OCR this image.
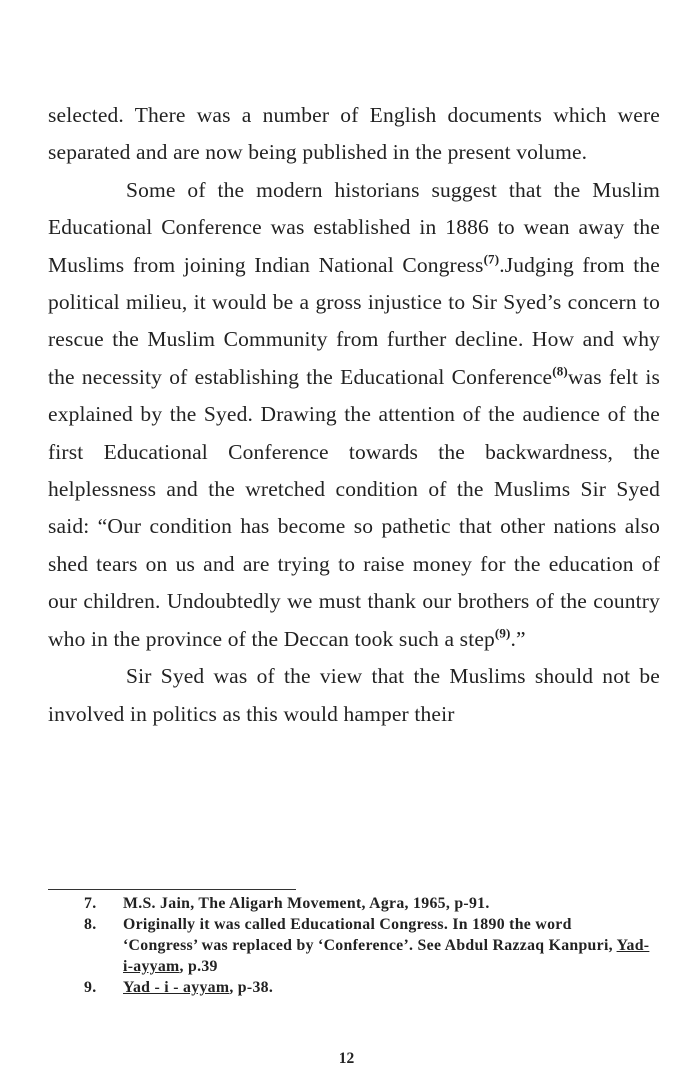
selected. There was a number of English documents which were separated and are now being published in the present volume.

Some of the modern historians suggest that the Muslim Educational Conference was established in 1886 to wean away the Muslims from joining Indian National Congress$^{(7)}$.Judging from the political milieu, it would be a gross injustice to Sir Syed’s concern to rescue the Muslim Community from further decline. How and why the necessity of establishing the Educational Conference$^{(8)}$was felt is explained by the Syed. Drawing the attention of the audience of the first Educational Conference towards the backwardness, the helplessness and the wretched condition of the Muslims Sir Syed said: “Our condition has become so pathetic that other nations also shed tears on us and are trying to raise money for the education of our children. Undoubtedly we must thank our brothers of the country who in the province of the Deccan took such a step$^{(9)}$.”

Sir Syed was of the view that the Muslims should not be involved in politics as this would hamper their

7. M.S. Jain, The Aligarh Movement, Agra, 1965, p-91.
8. Originally it was called Educational Congress. In 1890 the word ‘Congress’ was replaced by ‘Conference’. See Abdul Razzaq Kanpuri, Yad-i-ayyam, p.39
9. Yad - i - ayyam, p-38.
12
